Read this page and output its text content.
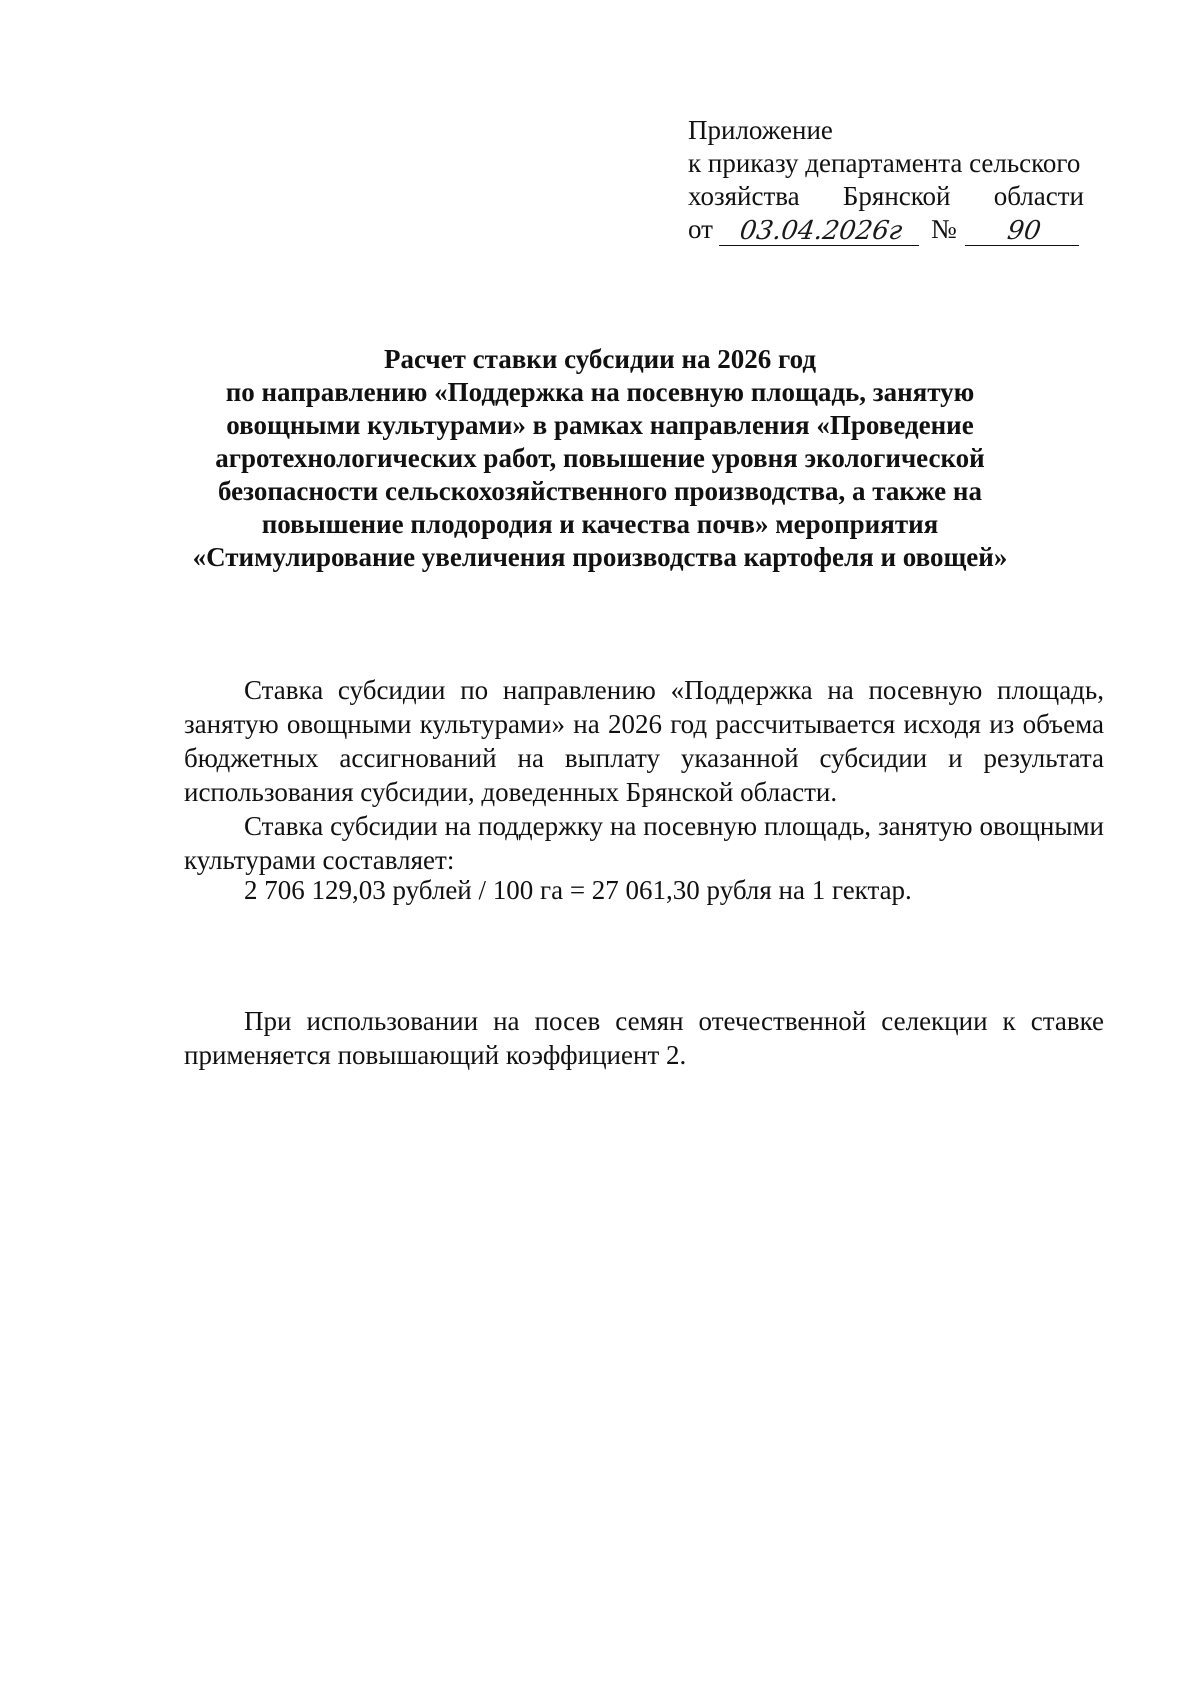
Приложение
к приказу департамента сельского
хозяйства Брянской области
от 03.04.2026г №	90
Расчет ставки субсидии на 2026 год
по направлению «Поддержка на посевную площадь, занятую
овощными культурами» в рамках направления «Проведение
агротехнологических работ, повышение уровня экологической
безопасности сельскохозяйственного производства, а также на
повышение плодородия и качества почв» мероприятия
«Стимулирование увеличения производства картофеля и овощей»

Ставка субсидии по направлению «Поддержка на посевную площадь, занятую овощными культурами» на 2026 год рассчитывается исходя из объема бюджетных ассигнований на выплату указанной субсидии и результата использования субсидии, доведенных Брянской области.

Ставка субсидии на поддержку на посевную площадь, занятую овощными культурами составляет:

2 706 129,03 рублей / 100 га = 27 061,30 рубля на 1 гектар.

При использовании на посев семян отечественной селекции к ставке применяется повышающий коэффициент 2.
